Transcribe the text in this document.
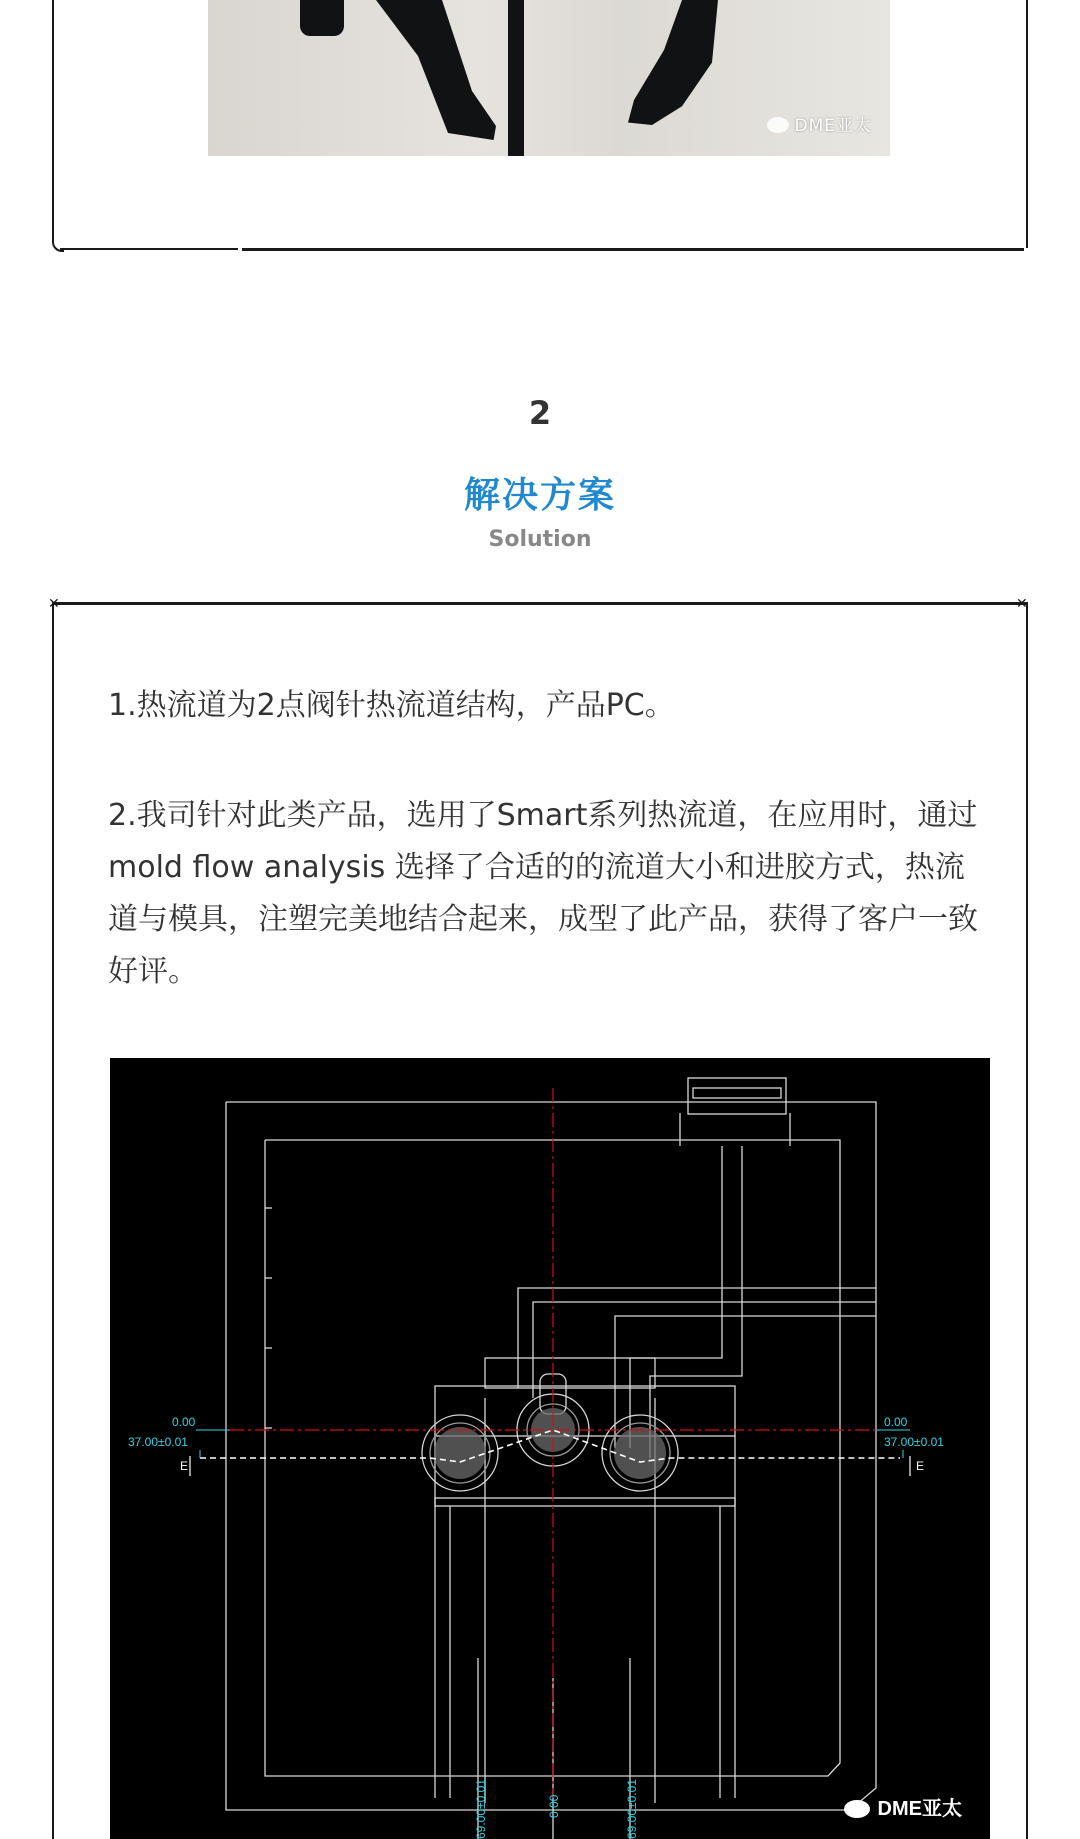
DME亚太
2
解决方案
Solution
✕	✕
1.热流道为2点阀针热流道结构，产品PC。
2.我司针对此类产品，选用了Smart系列热流道，在应用时，通过mold flow analysis 选择了合适的的流道大小和进胶方式，热流道与模具，注塑完美地结合起来，成型了此产品，获得了客户一致好评。
0.00
37.00±0.01
0.00
37.00±0.01
69.00±0.01	0.00	69.00±0.01
E	E
DME亚太
